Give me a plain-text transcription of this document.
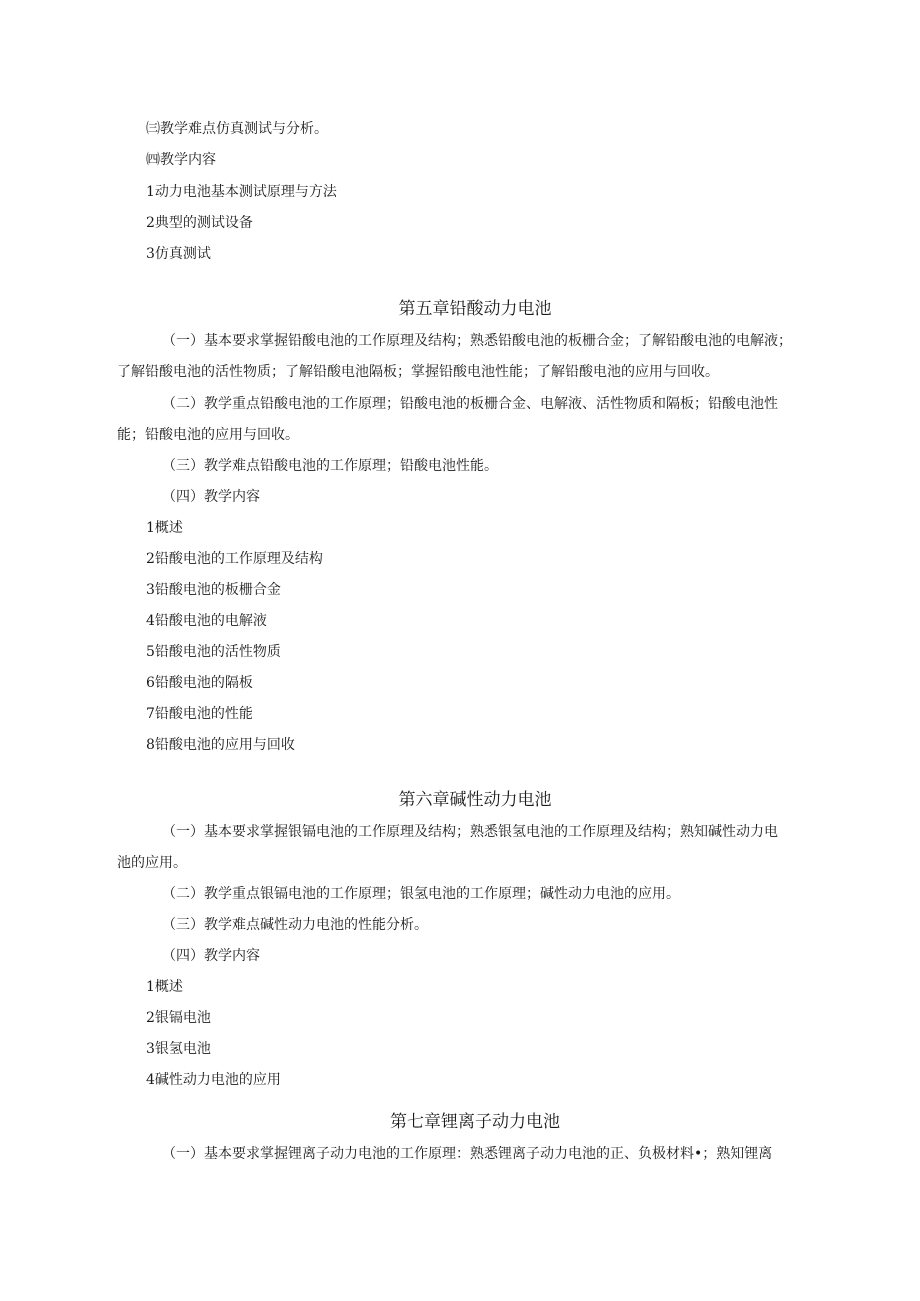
㈢教学难点仿真测试与分析。
㈣教学内容
1动力电池基本测试原理与方法
2典型的测试设备
3仿真测试
第五章铅酸动力电池
（一）基本要求掌握铅酸电池的工作原理及结构；熟悉铅酸电池的板栅合金；了解铅酸电池的电解液；
了解铅酸电池的活性物质；了解铅酸电池隔板；掌握铅酸电池性能；了解铅酸电池的应用与回收。
（二）教学重点铅酸电池的工作原理；铅酸电池的板栅合金、电解液、活性物质和隔板；铅酸电池性
能；铅酸电池的应用与回收。
（三）教学难点铅酸电池的工作原理；铅酸电池性能。
（四）教学内容
1概述
2铅酸电池的工作原理及结构
3铅酸电池的板栅合金
4铅酸电池的电解液
5铅酸电池的活性物质
6铅酸电池的隔板
7铅酸电池的性能
8铅酸电池的应用与回收
第六章碱性动力电池
（一）基本要求掌握银镉电池的工作原理及结构；熟悉银氢电池的工作原理及结构；熟知碱性动力电
池的应用。
（二）教学重点银镉电池的工作原理；银氢电池的工作原理；碱性动力电池的应用。
（三）教学难点碱性动力电池的性能分析。
（四）教学内容
1概述
2银镉电池
3银氢电池
4碱性动力电池的应用
第七章锂离子动力电池
（一）基本要求掌握锂离子动力电池的工作原理：熟悉锂离子动力电池的正、负极材料•；熟知锂离
